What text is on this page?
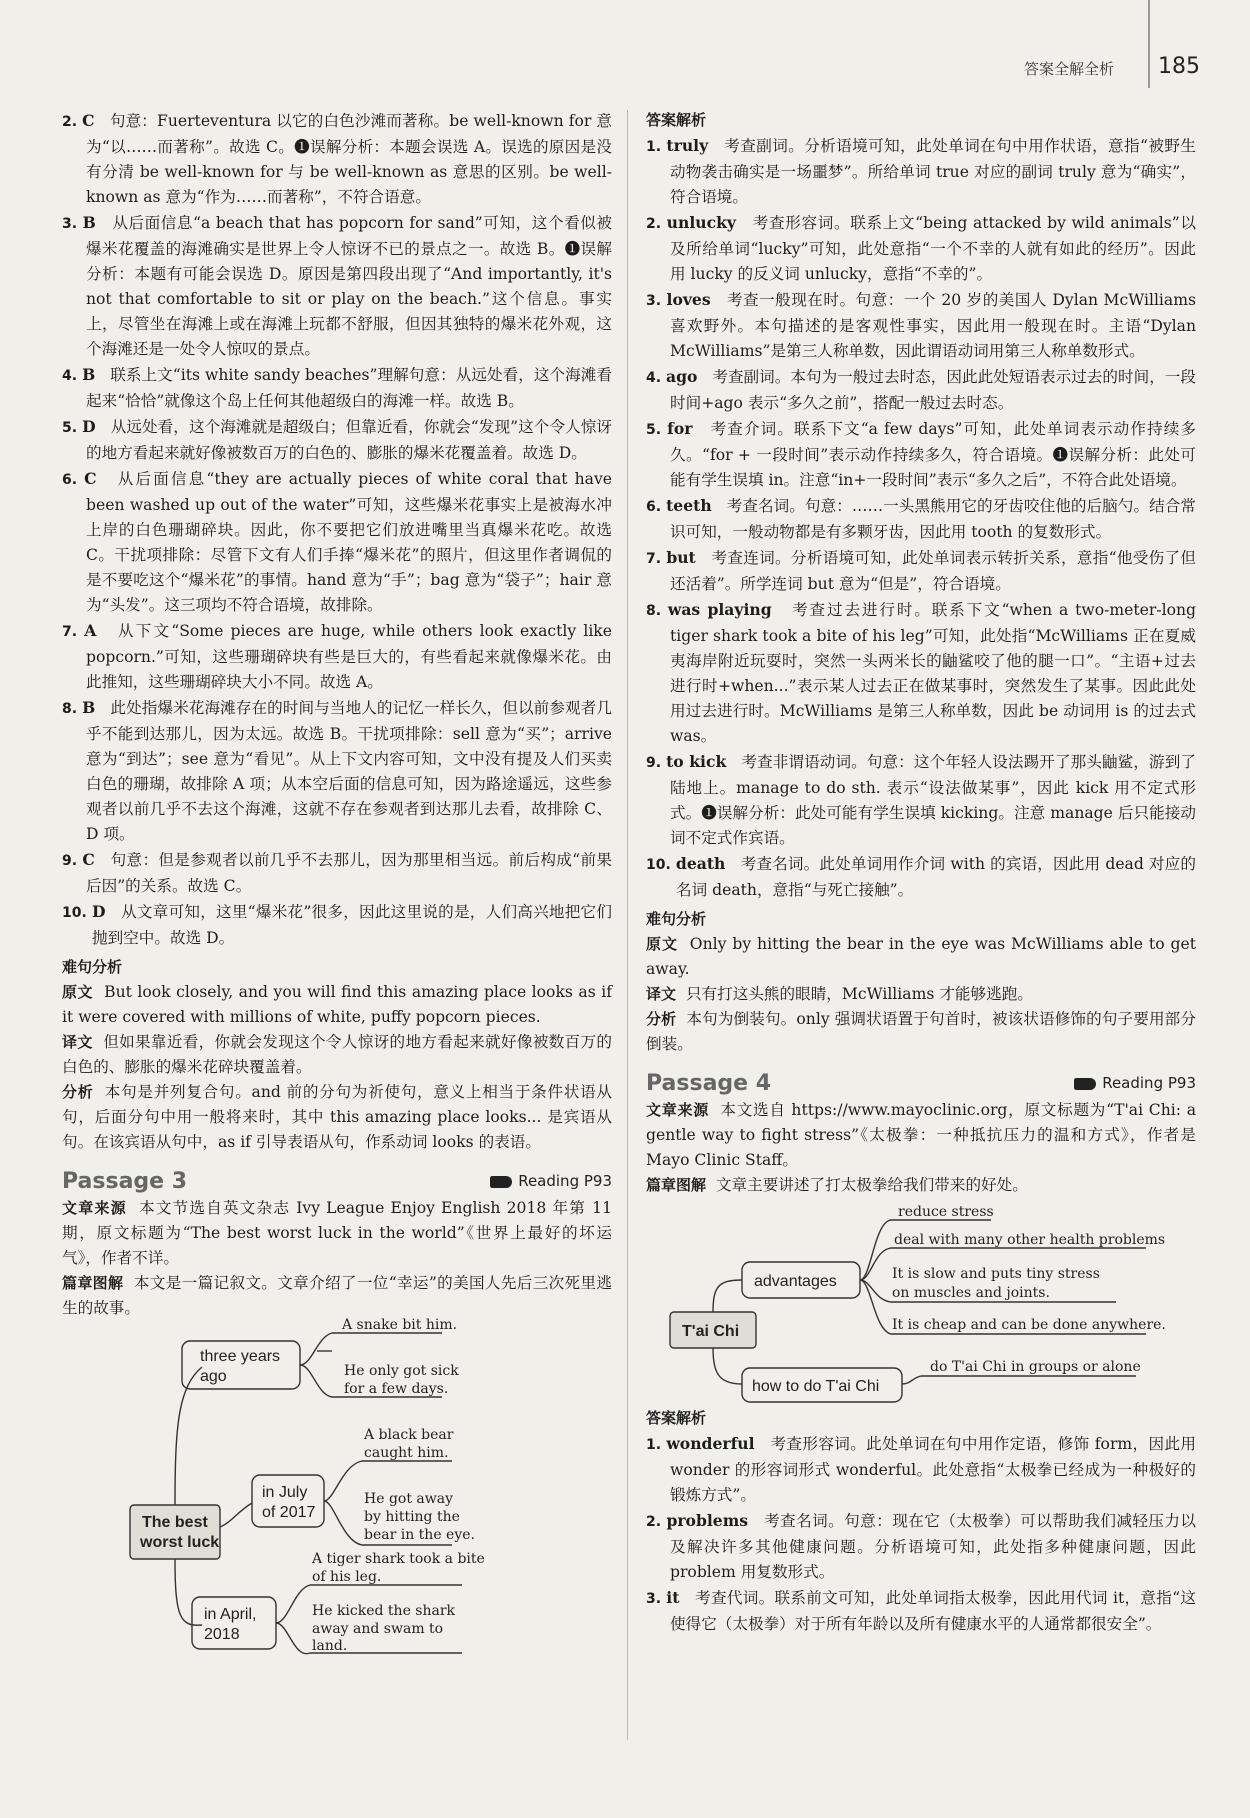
答案全解全析 185

2. C 句意：Fuerteventura 以它的白色沙滩而著称。be well-known for 意为“以……而著称”。故选 C。❶误解分析：本题会误选 A。误选的原因是没有分清 be well-known for 与 be well-known as 意思的区别。be well-known as 意为“作为……而著称”，不符合语意。

3. B 从后面信息“a beach that has popcorn for sand”可知，这个看似被爆米花覆盖的海滩确实是世界上令人惊讶不已的景点之一。故选 B。❶误解分析：本题有可能会误选 D。原因是第四段出现了“And importantly, it's not that comfortable to sit or play on the beach.”这个信息。事实上，尽管坐在海滩上或在海滩上玩都不舒服，但因其独特的爆米花外观，这个海滩还是一处令人惊叹的景点。

4. B 联系上文“its white sandy beaches”理解句意：从远处看，这个海滩看起来“恰恰”就像这个岛上任何其他超级白的海滩一样。故选 B。

5. D 从远处看，这个海滩就是超级白；但靠近看，你就会“发现”这个令人惊讶的地方看起来就好像被数百万的白色的、膨胀的爆米花覆盖着。故选 D。

6. C 从后面信息“they are actually pieces of white coral that have been washed up out of the water”可知，这些爆米花事实上是被海水冲上岸的白色珊瑚碎块。因此，你不要把它们放进嘴里当真爆米花吃。故选 C。干扰项排除：尽管下文有人们手捧“爆米花”的照片，但这里作者调侃的是不要吃这个“爆米花”的事情。hand 意为“手”；bag 意为“袋子”；hair 意为“头发”。这三项均不符合语境，故排除。

7. A 从下文“Some pieces are huge, while others look exactly like popcorn.”可知，这些珊瑚碎块有些是巨大的，有些看起来就像爆米花。由此推知，这些珊瑚碎块大小不同。故选 A。

8. B 此处指爆米花海滩存在的时间与当地人的记忆一样长久，但以前参观者几乎不能到达那儿，因为太远。故选 B。干扰项排除：sell 意为“买”；arrive 意为“到达”；see 意为“看见”。从上下文内容可知，文中没有提及人们买卖白色的珊瑚，故排除 A 项；从本空后面的信息可知，因为路途遥远，这些参观者以前几乎不去这个海滩，这就不存在参观者到达那儿去看，故排除 C、D 项。

9. C 句意：但是参观者以前几乎不去那儿，因为那里相当远。前后构成“前果后因”的关系。故选 C。

10. D 从文章可知，这里“爆米花”很多，因此这里说的是，人们高兴地把它们抛到空中。故选 D。

难句分析

原文 But look closely, and you will find this amazing place looks as if it were covered with millions of white, puffy popcorn pieces.

译文 但如果靠近看，你就会发现这个令人惊讶的地方看起来就好像被数百万的白色的、膨胀的爆米花碎块覆盖着。

分析 本句是并列复合句。and 前的分句为祈使句，意义上相当于条件状语从句，后面分句中用一般将来时，其中 this amazing place looks... 是宾语从句。在该宾语从句中，as if 引导表语从句，作系动词 looks 的表语。

Passage 3	Reading P93

文章来源 本文节选自英文杂志 Ivy League Enjoy English 2018 年第 11 期，原文标题为“The best worst luck in the world”《世界上最好的坏运气》，作者不详。

篇章图解 本文是一篇记叙文。文章介绍了一位“幸运”的美国人先后三次死里逃生的故事。

The best
worst luck
three years
ago
A snake bit him.
He only got sick
for a few days.
in July
of 2017
A black bear
caught him.
He got away
by hitting the
bear in the eye.
in April,
2018
A tiger shark took a bite
of his leg.
He kicked the shark
away and swam to
land.

答案解析

1. truly 考查副词。分析语境可知，此处单词在句中用作状语，意指“被野生动物袭击确实是一场噩梦”。所给单词 true 对应的副词 truly 意为“确实”，符合语境。

2. unlucky 考查形容词。联系上文“being attacked by wild animals”以及所给单词“lucky”可知，此处意指“一个不幸的人就有如此的经历”。因此用 lucky 的反义词 unlucky，意指“不幸的”。

3. loves 考查一般现在时。句意：一个 20 岁的美国人 Dylan McWilliams 喜欢野外。本句描述的是客观性事实，因此用一般现在时。主语“Dylan McWilliams”是第三人称单数，因此谓语动词用第三人称单数形式。

4. ago 考查副词。本句为一般过去时态，因此此处短语表示过去的时间，一段时间+ago 表示“多久之前”，搭配一般过去时态。

5. for 考查介词。联系下文“a few days”可知，此处单词表示动作持续多久。“for + 一段时间”表示动作持续多久，符合语境。❶误解分析：此处可能有学生误填 in。注意“in+一段时间”表示“多久之后”，不符合此处语境。

6. teeth 考查名词。句意：……一头黑熊用它的牙齿咬住他的后脑勺。结合常识可知，一般动物都是有多颗牙齿，因此用 tooth 的复数形式。

7. but 考查连词。分析语境可知，此处单词表示转折关系，意指“他受伤了但还活着”。所学连词 but 意为“但是”，符合语境。

8. was playing 考查过去进行时。联系下文“when a two-meter-long tiger shark took a bite of his leg”可知，此处指“McWilliams 正在夏威夷海岸附近玩耍时，突然一头两米长的鼬鲨咬了他的腿一口”。“主语+过去进行时+when...”表示某人过去正在做某事时，突然发生了某事。因此此处用过去进行时。McWilliams 是第三人称单数，因此 be 动词用 is 的过去式 was。

9. to kick 考查非谓语动词。句意：这个年轻人设法踢开了那头鼬鲨，游到了陆地上。manage to do sth. 表示“设法做某事”，因此 kick 用不定式形式。❶误解分析：此处可能有学生误填 kicking。注意 manage 后只能接动词不定式作宾语。

10. death 考查名词。此处单词用作介词 with 的宾语，因此用 dead 对应的名词 death，意指“与死亡接触”。

难句分析

原文 Only by hitting the bear in the eye was McWilliams able to get away.

译文 只有打这头熊的眼睛，McWilliams 才能够逃跑。

分析 本句为倒装句。only 强调状语置于句首时，被该状语修饰的句子要用部分倒装。

Passage 4	Reading P93

文章来源 本文选自 https://www.mayoclinic.org，原文标题为“T'ai Chi: a gentle way to fight stress”《太极拳：一种抵抗压力的温和方式》，作者是 Mayo Clinic Staff。

篇章图解 文章主要讲述了打太极拳给我们带来的好处。

T'ai Chi
advantages
how to do T'ai Chi
reduce stress
deal with many other health problems
It is slow and puts tiny stress
on muscles and joints.
It is cheap and can be done anywhere.
do T'ai Chi in groups or alone

答案解析

1. wonderful 考查形容词。此处单词在句中用作定语，修饰 form，因此用 wonder 的形容词形式 wonderful。此处意指“太极拳已经成为一种极好的锻炼方式”。

2. problems 考查名词。句意：现在它（太极拳）可以帮助我们减轻压力以及解决许多其他健康问题。分析语境可知，此处指多种健康问题，因此 problem 用复数形式。

3. it 考查代词。联系前文可知，此处单词指太极拳，因此用代词 it，意指“这使得它（太极拳）对于所有年龄以及所有健康水平的人通常都很安全”。
